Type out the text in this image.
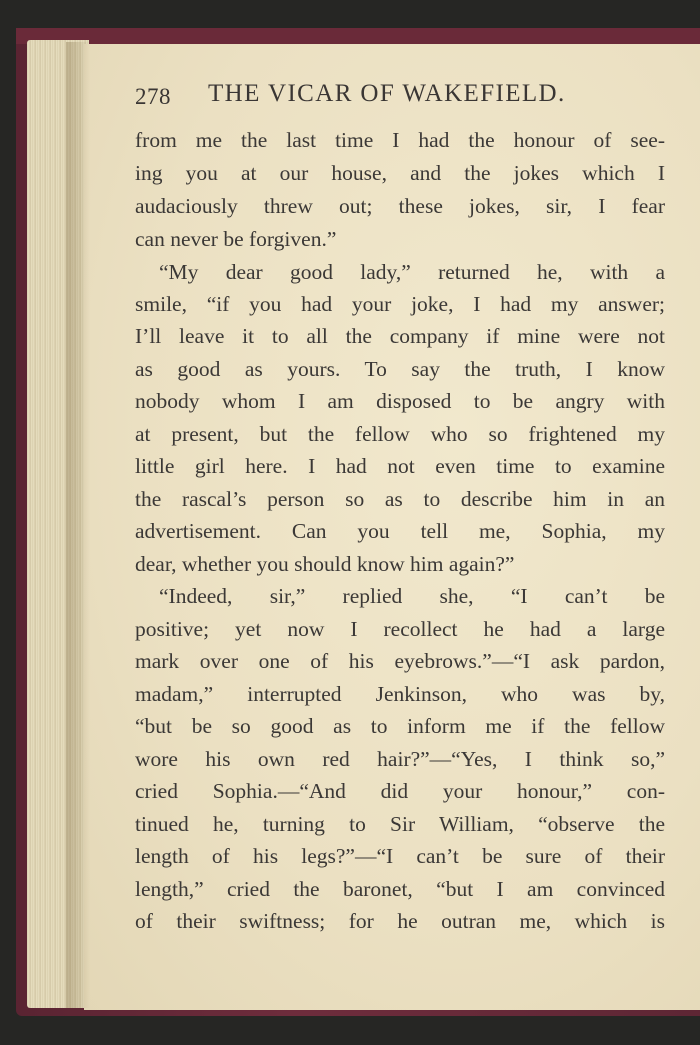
278 THE VICAR OF WAKEFIELD.
from me the last time I had the honour of see-
ing you at our house, and the jokes which I
audaciously threw out; these jokes, sir, I fear
can never be forgiven.”
“My dear good lady,” returned he, with a
smile, “if you had your joke, I had my answer;
I’ll leave it to all the company if mine were not
as good as yours. To say the truth, I know
nobody whom I am disposed to be angry with
at present, but the fellow who so frightened my
little girl here. I had not even time to examine
the rascal’s person so as to describe him in an
advertisement. Can you tell me, Sophia, my
dear, whether you should know him again?”
“Indeed, sir,” replied she, “I can’t be
positive; yet now I recollect he had a large
mark over one of his eyebrows.”—“I ask pardon,
madam,” interrupted Jenkinson, who was by,
“but be so good as to inform me if the fellow
wore his own red hair?”—“Yes, I think so,”
cried Sophia.—“And did your honour,” con-
tinued he, turning to Sir William, “observe the
length of his legs?”—“I can’t be sure of their
length,” cried the baronet, “but I am convinced
of their swiftness; for he outran me, which is
